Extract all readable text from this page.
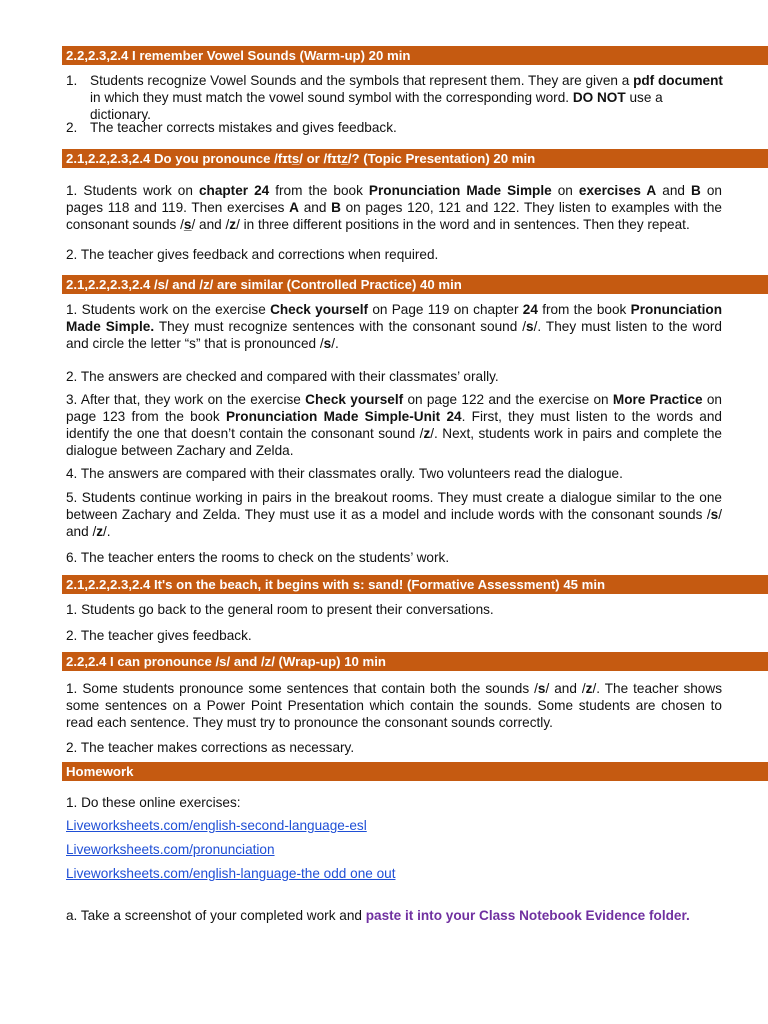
2.2,2.3,2.4 I remember Vowel Sounds (Warm-up) 20 min
1. Students recognize Vowel Sounds and the symbols that represent them. They are given a pdf document in which they must match the vowel sound symbol with the corresponding word. DO NOT use a dictionary.
2. The teacher corrects mistakes and gives feedback.
2.1,2.2,2.3,2.4 Do you pronounce /fɪts̲/ or /fɪtz̲/? (Topic Presentation) 20 min
1. Students work on chapter 24 from the book Pronunciation Made Simple on exercises A and B on pages 118 and 119. Then exercises A and B on pages 120, 121 and 122. They listen to examples with the consonant sounds /s̲/ and /z/ in three different positions in the word and in sentences. Then they repeat.
2. The teacher gives feedback and corrections when required.
2.1,2.2,2.3,2.4 /s/ and /z/ are similar (Controlled Practice) 40 min
1. Students work on the exercise Check yourself on Page 119 on chapter 24 from the book Pronunciation Made Simple. They must recognize sentences with the consonant sound /s/. They must listen to the word and circle the letter “s” that is pronounced /s/.
2. The answers are checked and compared with their classmates’ orally.
3. After that, they work on the exercise Check yourself on page 122 and the exercise on More Practice on page 123 from the book Pronunciation Made Simple-Unit 24. First, they must listen to the words and identify the one that doesn’t contain the consonant sound /z/. Next, students work in pairs and complete the dialogue between Zachary and Zelda.
4. The answers are compared with their classmates orally. Two volunteers read the dialogue.
5. Students continue working in pairs in the breakout rooms. They must create a dialogue similar to the one between Zachary and Zelda. They must use it as a model and include words with the consonant sounds /s/ and /z/.
6. The teacher enters the rooms to check on the students’ work.
2.1,2.2,2.3,2.4 It's on the beach, it begins with s: sand! (Formative Assessment) 45 min
1. Students go back to the general room to present their conversations.
2. The teacher gives feedback.
2.2,2.4 I can pronounce /s/ and /z/ (Wrap-up) 10 min
1. Some students pronounce some sentences that contain both the sounds /s/ and /z/. The teacher shows some sentences on a Power Point Presentation which contain the sounds. Some students are chosen to read each sentence. They must try to pronounce the consonant sounds correctly.
2. The teacher makes corrections as necessary.
Homework
1. Do these online exercises:
Liveworksheets.com/english-second-language-esl
Liveworksheets.com/pronunciation
Liveworksheets.com/english-language-the odd one out
a. Take a screenshot of your completed work and paste it into your Class Notebook Evidence folder.
